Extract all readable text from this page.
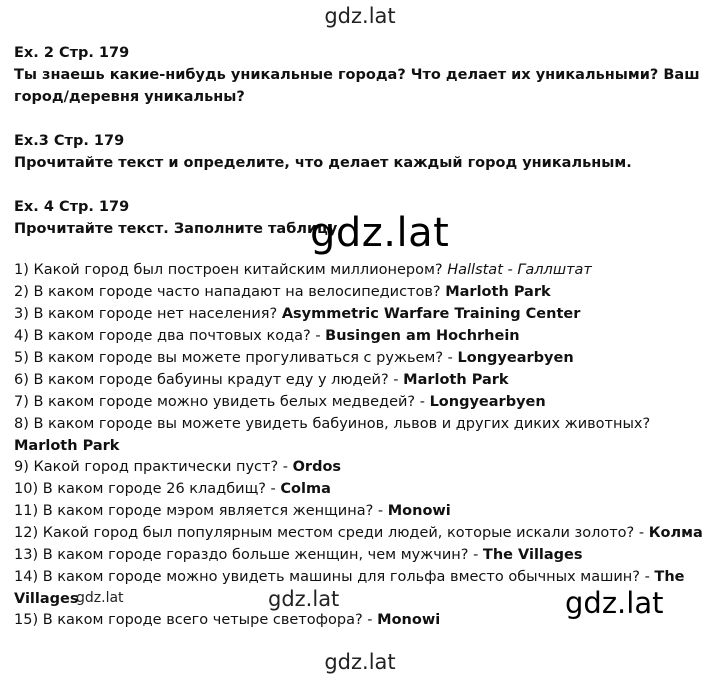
gdz.lat
Ex. 2 Стр. 179
Ты знаешь какие-нибудь уникальные города? Что делает их уникальными? Ваш город/деревня уникальны?
Ex.3 Стр. 179
Прочитайте текст и определите, что делает каждый город уникальным.
Ex. 4 Стр. 179
Прочитайте текст. Заполните таблицу.
gdz.lat
1) Какой город был построен китайским миллионером? Hallstat - Галлштат
2) В каком городе часто нападают на велосипедистов? Marloth Park
3) В каком городе нет населения? Asymmetric Warfare Training Center
4) В каком городе два почтовых кода? - Busingen am Hochrhein
5) В каком городе вы можете прогуливаться с ружьем? - Longyearbyen
6) В каком городе бабуины крадут еду у людей? - Marloth Park
7) В каком городе можно увидеть белых медведей? - Longyearbyen
8) В каком городе вы можете увидеть бабуинов, львов и других диких животных? Marloth Park
9) Какой город практически пуст? - Ordos
10) В каком городе 26 кладбищ? - Colma
11) В каком городе мэром является женщина? - Monowi
12) Какой город был популярным местом среди людей, которые искали золото? - Колма
13) В каком городе гораздо больше женщин, чем мужчин? - The Villages
14) В каком городе можно увидеть машины для гольфа вместо обычных машин? - The Villages
15) В каком городе всего четыре светофора? - Monowi
gdz.lat	gdz.lat	gdz.lat
gdz.lat
